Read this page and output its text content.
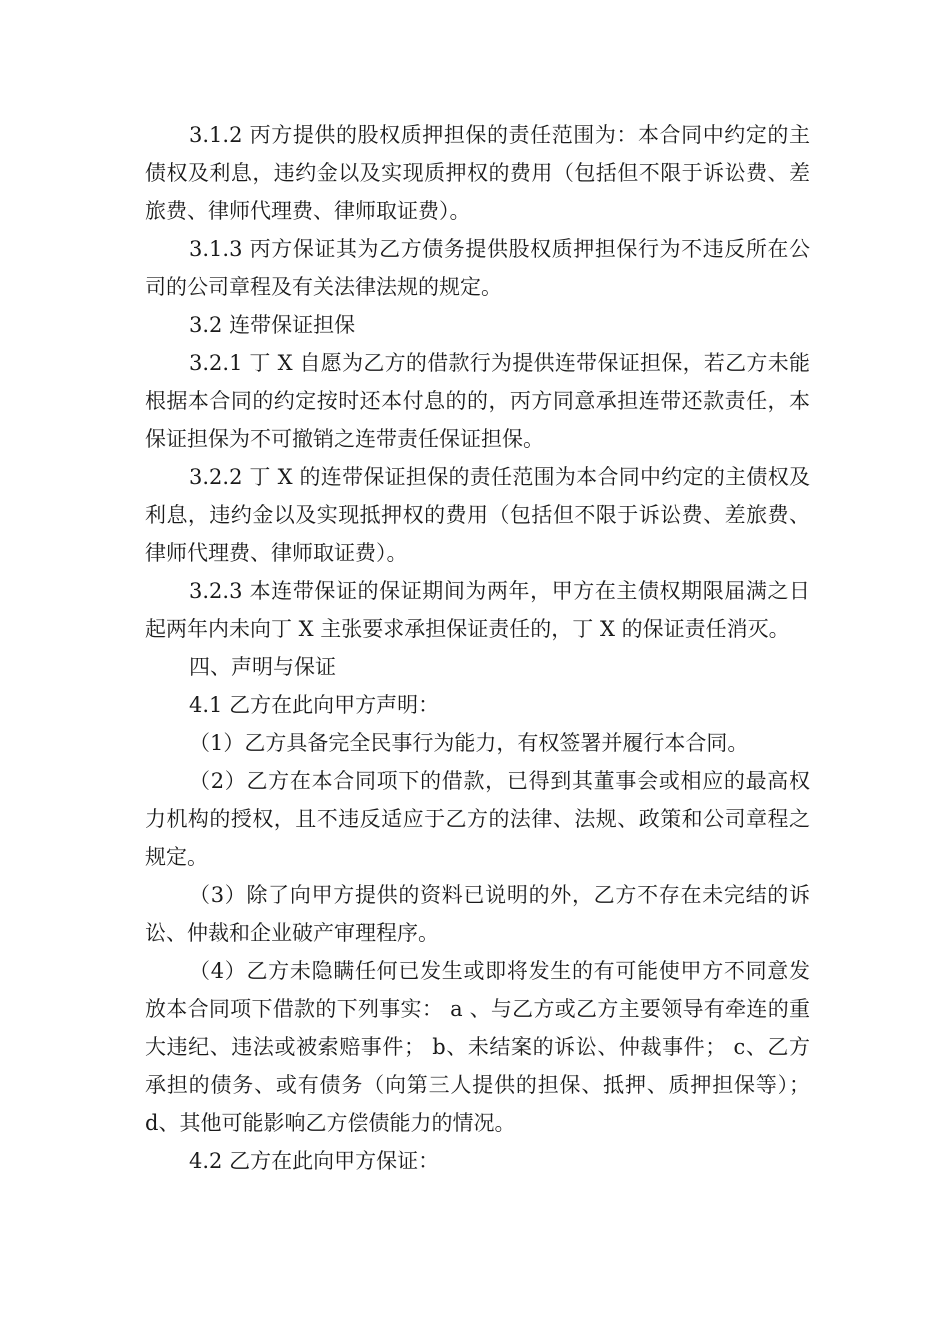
3.1.2 丙方提供的股权质押担保的责任范围为：本合同中约定的主债权及利息，违约金以及实现质押权的费用（包括但不限于诉讼费、差旅费、律师代理费、律师取证费）。

3.1.3 丙方保证其为乙方债务提供股权质押担保行为不违反所在公司的公司章程及有关法律法规的规定。

3.2 连带保证担保

3.2.1 丁 X 自愿为乙方的借款行为提供连带保证担保，若乙方未能根据本合同的约定按时还本付息的的，丙方同意承担连带还款责任，本保证担保为不可撤销之连带责任保证担保。

3.2.2 丁 X 的连带保证担保的责任范围为本合同中约定的主债权及利息，违约金以及实现抵押权的费用（包括但不限于诉讼费、差旅费、律师代理费、律师取证费）。

3.2.3 本连带保证的保证期间为两年，甲方在主债权期限届满之日起两年内未向丁 X 主张要求承担保证责任的，丁 X 的保证责任消灭。

四、声明与保证

4.1 乙方在此向甲方声明：

（1）乙方具备完全民事行为能力，有权签署并履行本合同。

（2）乙方在本合同项下的借款，已得到其董事会或相应的最高权力机构的授权，且不违反适应于乙方的法律、法规、政策和公司章程之规定。

（3）除了向甲方提供的资料已说明的外，乙方不存在未完结的诉讼、仲裁和企业破产审理程序。

（4）乙方未隐瞒任何已发生或即将发生的有可能使甲方不同意发放本合同项下借款的下列事实： a 、与乙方或乙方主要领导有牵连的重大违纪、违法或被索赔事件； b、未结案的诉讼、仲裁事件； c、乙方承担的债务、或有债务（向第三人提供的担保、抵押、质押担保等）； d、其他可能影响乙方偿债能力的情况。

4.2 乙方在此向甲方保证：
